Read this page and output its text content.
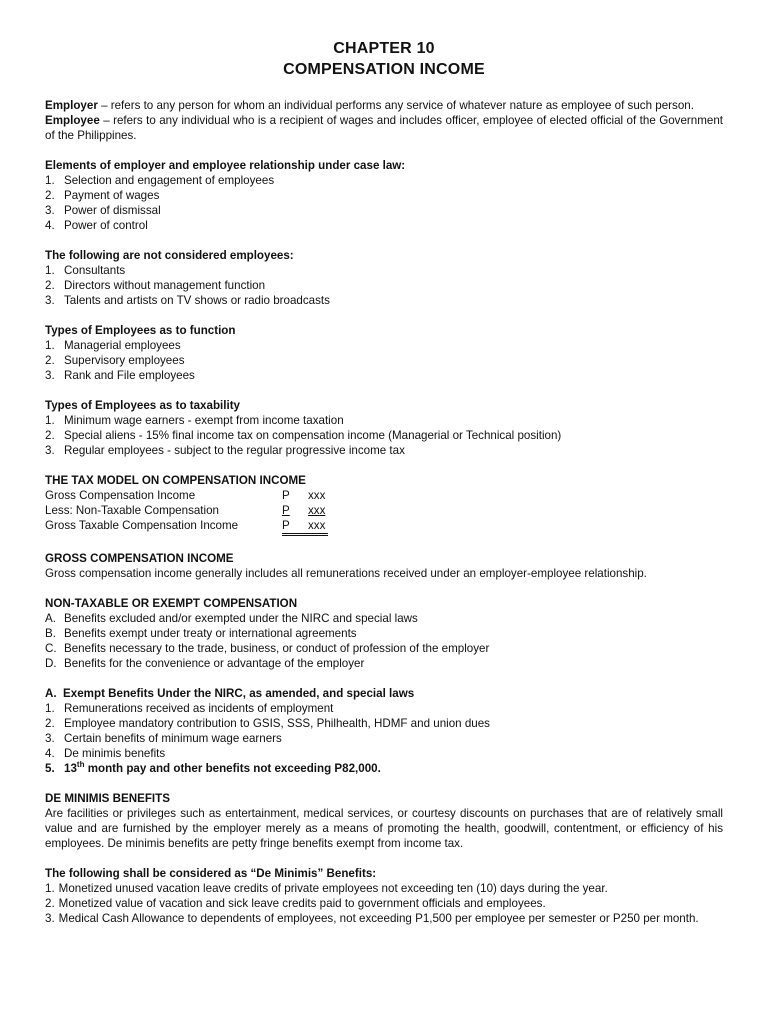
CHAPTER 10
COMPENSATION INCOME

Employer – refers to any person for whom an individual performs any service of whatever nature as employee of such person.

Employee – refers to any individual who is a recipient of wages and includes officer, employee of elected official of the Government of the Philippines.

Elements of employer and employee relationship under case law:

1. Selection and engagement of employees
2. Payment of wages
3. Power of dismissal
4. Power of control

The following are not considered employees:

1. Consultants
2. Directors without management function
3. Talents and artists on TV shows or radio broadcasts

Types of Employees as to function

1. Managerial employees
2. Supervisory employees
3. Rank and File employees

Types of Employees as to taxability

1. Minimum wage earners - exempt from income taxation
2. Special aliens - 15% final income tax on compensation income (Managerial or Technical position)
3. Regular employees - subject to the regular progressive income tax

THE TAX MODEL ON COMPENSATION INCOME

Gross Compensation Income	P	xxx
Less: Non-Taxable Compensation	P	xxx
Gross Taxable Compensation Income	P	xxx

GROSS COMPENSATION INCOME

Gross compensation income generally includes all remunerations received under an employer-employee relationship.

NON-TAXABLE OR EXEMPT COMPENSATION

A. Benefits excluded and/or exempted under the NIRC and special laws
B. Benefits exempt under treaty or international agreements
C. Benefits necessary to the trade, business, or conduct of profession of the employer
D. Benefits for the convenience or advantage of the employer

A. Exempt Benefits Under the NIRC, as amended, and special laws

1. Remunerations received as incidents of employment
2. Employee mandatory contribution to GSIS, SSS, Philhealth, HDMF and union dues
3. Certain benefits of minimum wage earners
4. De minimis benefits
5. 13th month pay and other benefits not exceeding P82,000.

DE MINIMIS BENEFITS

Are facilities or privileges such as entertainment, medical services, or courtesy discounts on purchases that are of relatively small value and are furnished by the employer merely as a means of promoting the health, goodwill, contentment, or efficiency of his employees. De minimis benefits are petty fringe benefits exempt from income tax.

The following shall be considered as “De Minimis” Benefits:

1. Monetized unused vacation leave credits of private employees not exceeding ten (10) days during the year.
2. Monetized value of vacation and sick leave credits paid to government officials and employees.
3. Medical Cash Allowance to dependents of employees, not exceeding P1,500 per employee per semester or P250 per month.
